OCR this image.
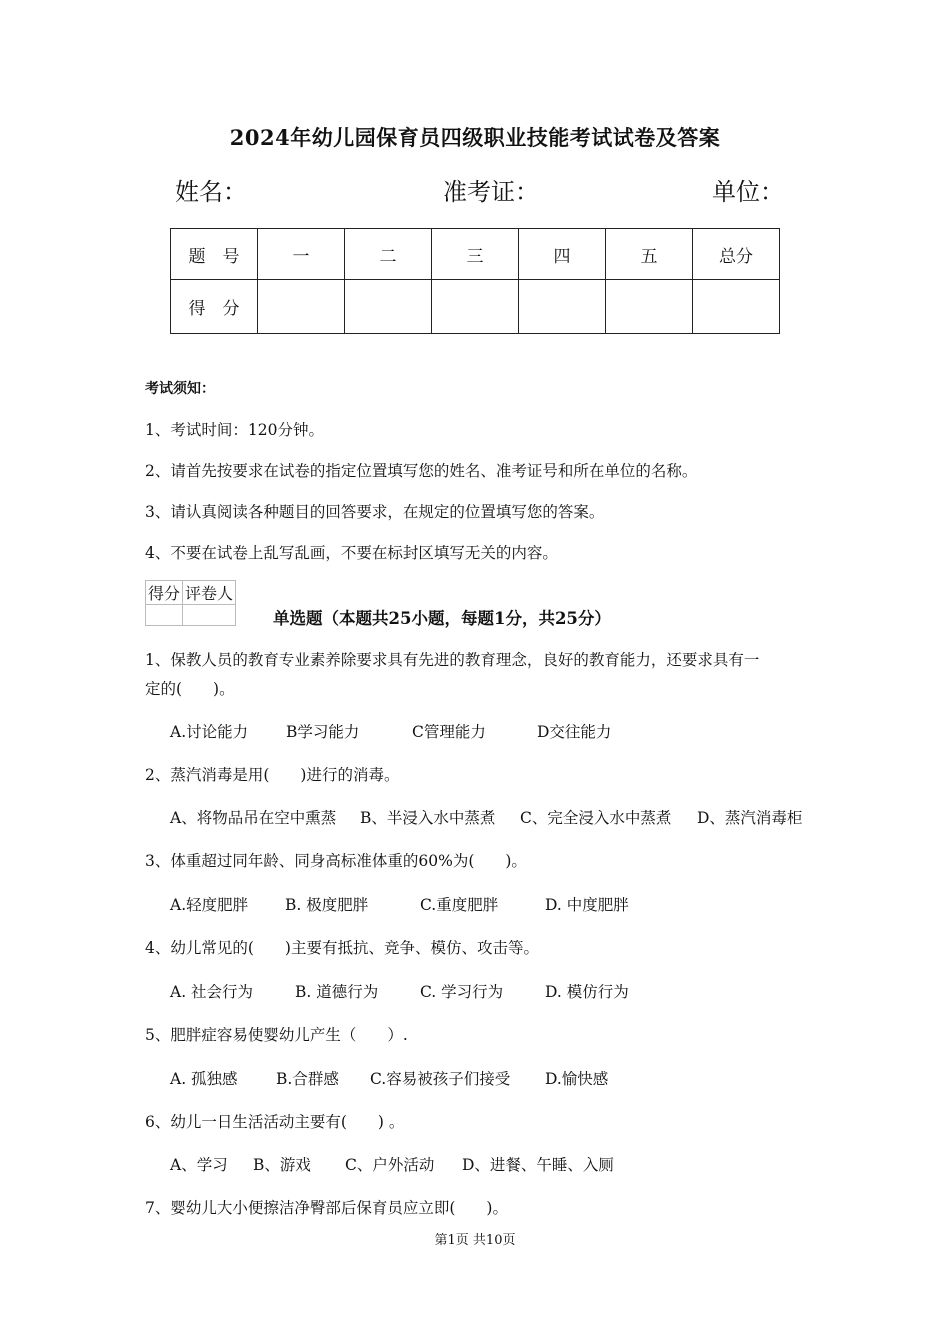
2024年幼儿园保育员四级职业技能考试试卷及答案
姓名：	准考证：	单位：
题　号	一	二	三	四	五	总分
得　分						
考试须知：
1、考试时间：120分钟。
2、请首先按要求在试卷的指定位置填写您的姓名、准考证号和所在单位的名称。
3、请认真阅读各种题目的回答要求，在规定的位置填写您的答案。
4、不要在试卷上乱写乱画，不要在标封区填写无关的内容。
得分	评卷人

单选题（本题共25小题，每题1分，共25分）
1、保教人员的教育专业素养除要求具有先进的教育理念，良好的教育能力，还要求具有一
定的(　　)。
A.讨论能力 B学习能力	C管理能力	D交往能力
2、蒸汽消毒是用(　　)进行的消毒。
A、将物品吊在空中熏蒸 B、半浸入水中蒸煮 C、完全浸入水中蒸煮 D、蒸汽消毒柜
3、体重超过同年龄、同身高标准体重的60%为(　　)。
A.轻度肥胖 B. 极度肥胖	C.重度肥胖	D. 中度肥胖
4、幼儿常见的(　　)主要有抵抗、竞争、模仿、攻击等。
A. 社会行为	B. 道德行为	C. 学习行为	D. 模仿行为
5、肥胖症容易使婴幼儿产生（　　）.
A. 孤独感 B.合群感 C.容易被孩子们接受 D.愉快感
6、幼儿一日生活活动主要有(　　) 。
A、学习 B、游戏 C、户外活动 D、进餐、午睡、入厕
7、婴幼儿大小便擦洁净臀部后保育员应立即(　　)。
第1页 共10页
